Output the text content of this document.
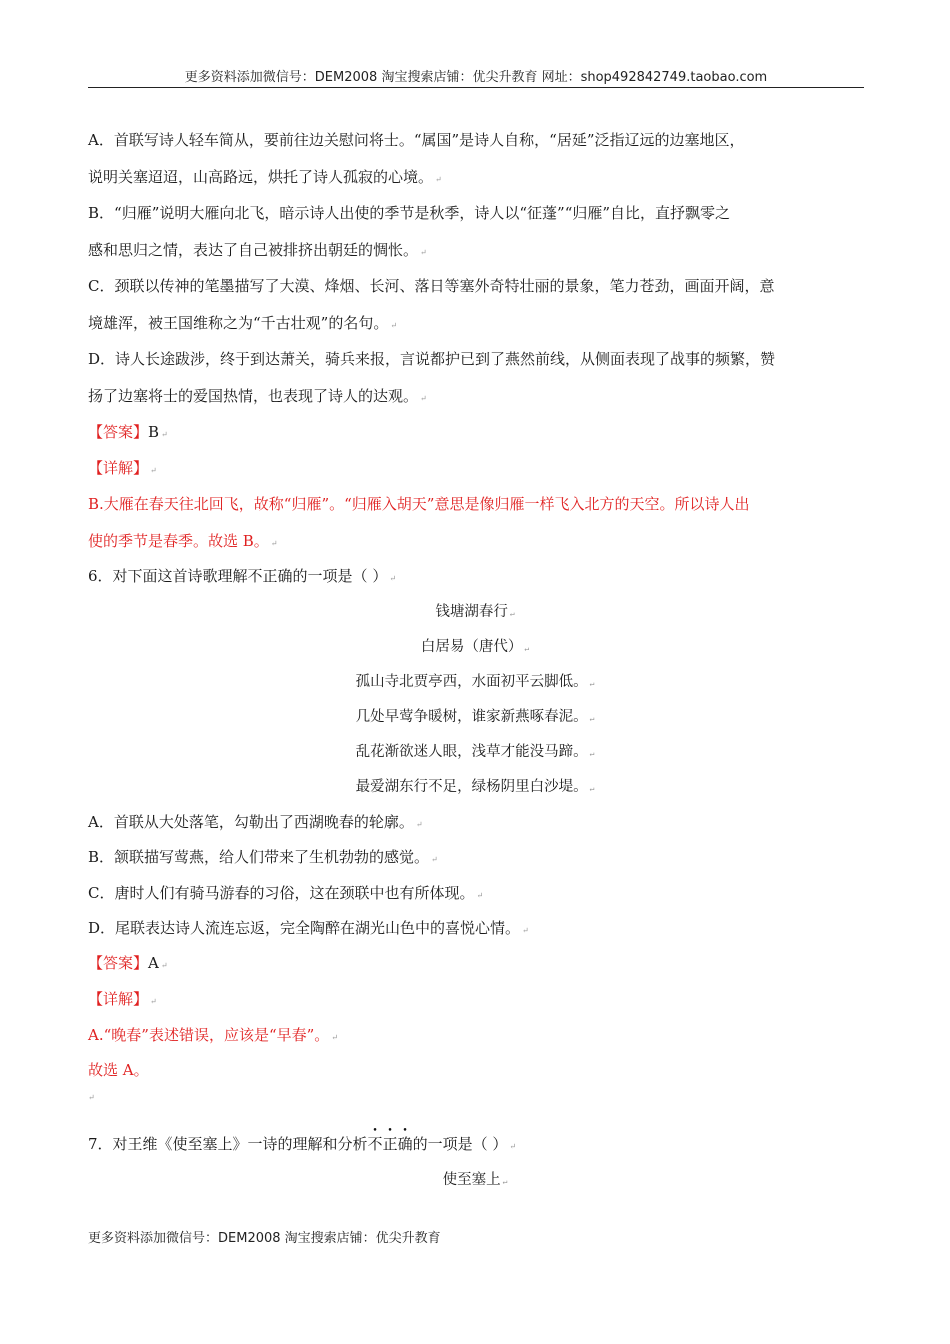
更多资料添加微信号：DEM2008 淘宝搜索店铺：优尖升教育 网址：shop492842749.taobao.com
A．首联写诗人轻车简从，要前往边关慰问将士。“属国”是诗人自称，“居延”泛指辽远的边塞地区，
说明关塞迢迢，山高路远，烘托了诗人孤寂的心境。 ↵
B．“归雁”说明大雁向北飞，暗示诗人出使的季节是秋季，诗人以“征蓬”“归雁”自比，直抒飘零之
感和思归之情，表达了自己被排挤出朝廷的惆怅。 ↵
C．颈联以传神的笔墨描写了大漠、烽烟、长河、落日等塞外奇特壮丽的景象，笔力苍劲，画面开阔，意
境雄浑，被王国维称之为“千古壮观”的名句。 ↵
D．诗人长途跋涉，终于到达萧关，骑兵来报，言说都护已到了燕然前线，从侧面表现了战事的频繁，赞
扬了边塞将士的爱国热情，也表现了诗人的达观。 ↵
【答案】B ↵
【详解】 ↵
B.大雁在春天往北回飞，故称“归雁”。“归雁入胡天”意思是像归雁一样飞入北方的天空。所以诗人出
使的季节是春季。故选 B。 ↵
6．对下面这首诗歌理解不正确的一项是（ ） ↵
钱塘湖春行 ↵
白居易（唐代） ↵
孤山寺北贾亭西，水面初平云脚低。 ↵
几处早莺争暖树，谁家新燕啄春泥。 ↵
乱花渐欲迷人眼，浅草才能没马蹄。 ↵
最爱湖东行不足，绿杨阴里白沙堤。 ↵
A．首联从大处落笔，勾勒出了西湖晚春的轮廓。 ↵
B．颔联描写莺燕，给人们带来了生机勃勃的感觉。 ↵
C．唐时人们有骑马游春的习俗，这在颈联中也有所体现。 ↵
D．尾联表达诗人流连忘返，完全陶醉在湖光山色中的喜悦心情。 ↵
【答案】A ↵
【详解】 ↵
A.“晚春”表述错误，应该是“早春”。 ↵
故选 A。
↵
7．对王维《使至塞上》一诗的理解和分析不正确的一项是（ ） ↵
使至塞上 ↵
更多资料添加微信号：DEM2008 淘宝搜索店铺：优尖升教育
